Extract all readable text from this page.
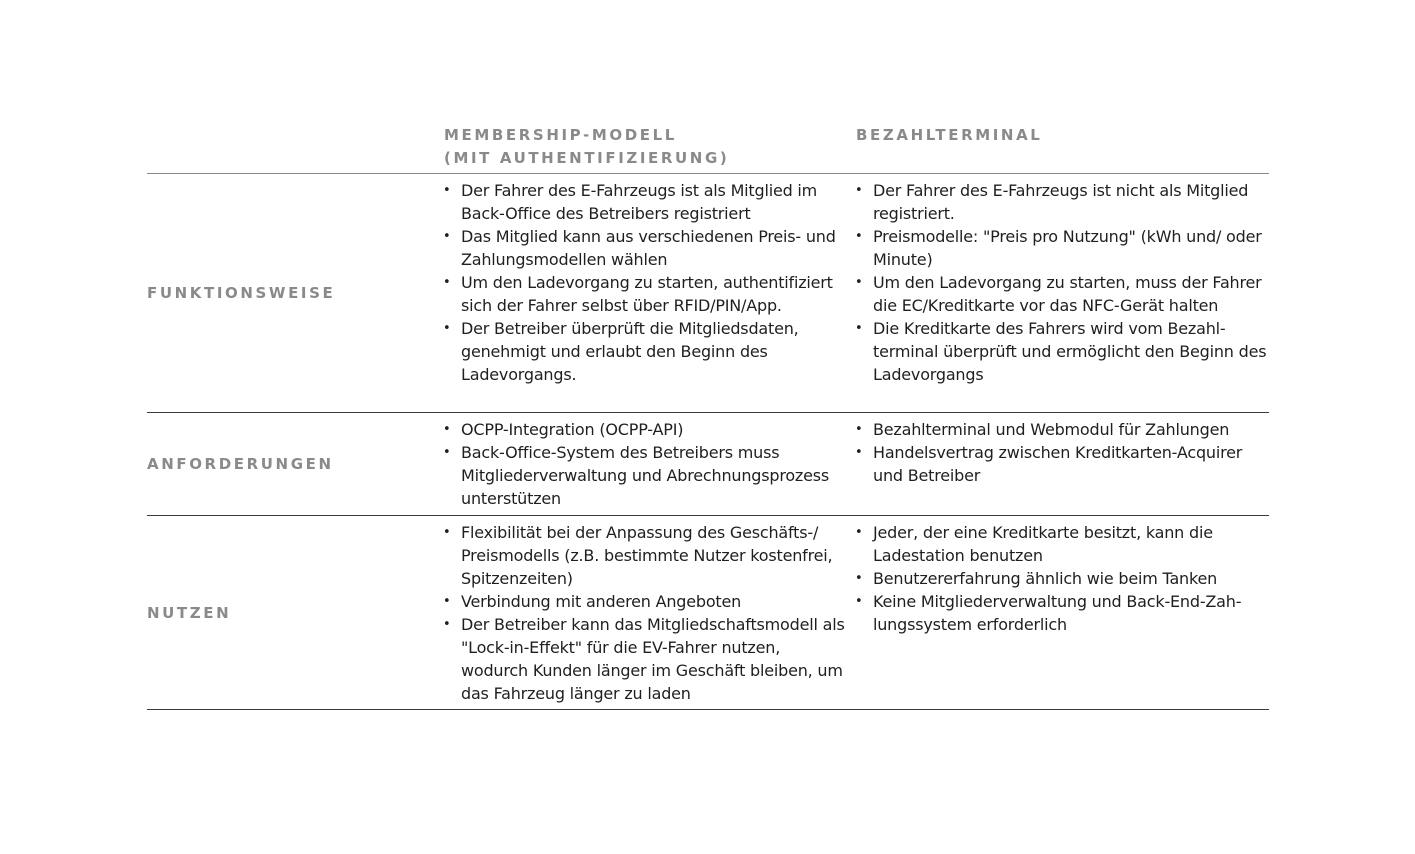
MEMBERSHIP-MODELL
(MIT AUTHENTIFIZIERUNG)
BEZAHLTERMINAL
FUNKTIONSWEISE
• Der Fahrer des E-Fahrzeugs ist als Mitglied im Back-Office des Betreibers registriert
• Das Mitglied kann aus verschiedenen Preis- und Zahlungsmodellen wählen
• Um den Ladevorgang zu starten, authentifiziert sich der Fahrer selbst über RFID/PIN/App.
• Der Betreiber überprüft die Mitgliedsdaten, genehmigt und erlaubt den Beginn des Ladevorgangs.
• Der Fahrer des E-Fahrzeugs ist nicht als Mitglied registriert.
• Preismodelle: "Preis pro Nutzung" (kWh und/ oder Minute)
• Um den Ladevorgang zu starten, muss der Fahrer die EC/Kreditkarte vor das NFC-Gerät halten
• Die Kreditkarte des Fahrers wird vom Bezahlterminal überprüft und ermöglicht den Beginn des Ladevorgangs
ANFORDERUNGEN
• OCPP-Integration (OCPP-API)
• Back-Office-System des Betreibers muss Mitgliederverwaltung und Abrechnungsprozess unterstützen
• Bezahlterminal und Webmodul für Zahlungen
• Handelsvertrag zwischen Kreditkarten-Acquirer und Betreiber
NUTZEN
• Flexibilität bei der Anpassung des Geschäfts-/ Preismodells (z.B. bestimmte Nutzer kostenfrei, Spitzenzeiten)
• Verbindung mit anderen Angeboten
• Der Betreiber kann das Mitgliedschaftsmodell als "Lock-in-Effekt" für die EV-Fahrer nutzen, wodurch Kunden länger im Geschäft bleiben, um das Fahrzeug länger zu laden
• Jeder, der eine Kreditkarte besitzt, kann die Ladestation benutzen
• Benutzererfahrung ähnlich wie beim Tanken
• Keine Mitgliederverwaltung und Back-End-Zahlungssystem erforderlich
